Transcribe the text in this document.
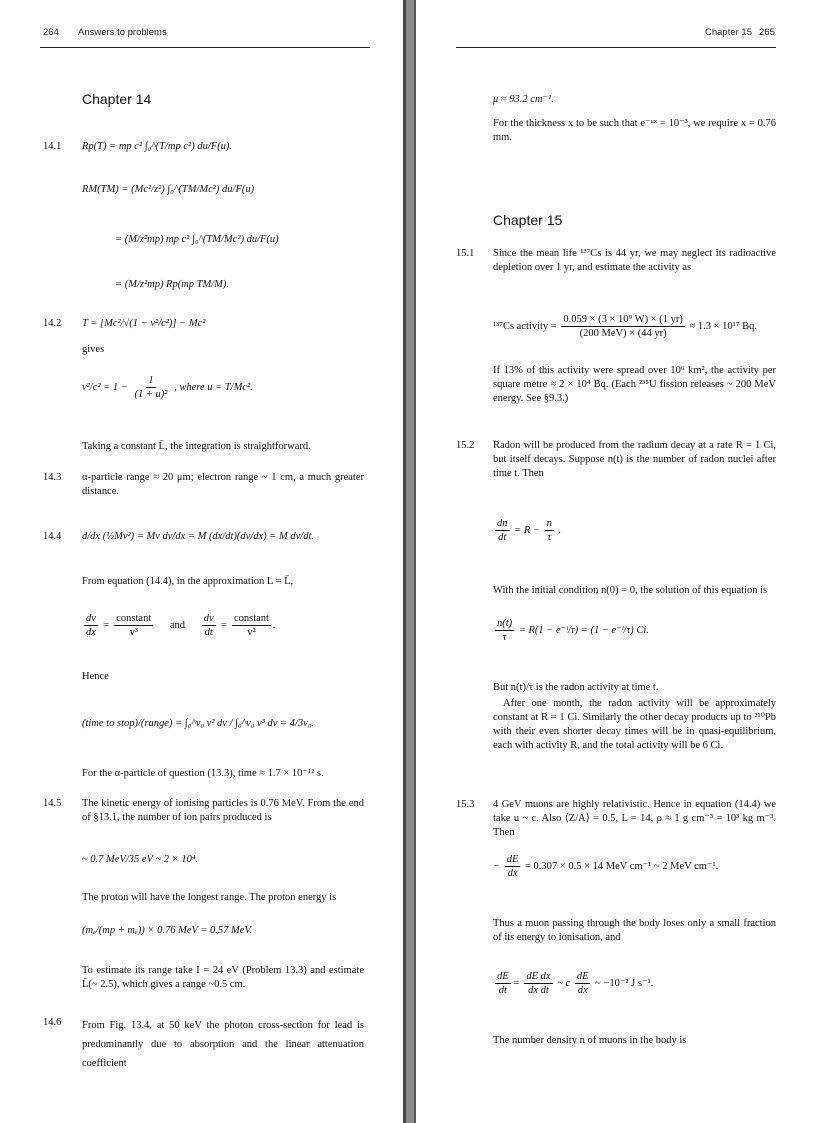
264 Answers to problems
Chapter 14
14.1 Rp(T) = mp c² ∫₀^(T/mp c²) du/F(u).
RM(TM) = (Mc²/z²) ∫₀^(TM/Mc²) du/F(u)
= (M/z²mp) mp c² ∫₀^(TM/Mc²) du/F(u)
= (M/z²mp) Rp(mp TM/M).
14.2 T = [Mc²/√(1 − v²/c²)] − Mc²
gives
$v^2/c^2 = 1 - \frac{1}{\text{(1 + u)²}}$ , where u = T/Mc².
Taking a constant L̄, the integration is straightforward.
14.3 α-particle range ≈ 20 μm; electron range ~ 1 cm, a much greater distance.
14.4 d/dx (½Mv²) = Mv dv/dx = M (dx/dt)(dv/dx) = M dv/dt.
From equation (14.4), in the approximation L = L̄,
$\frac{dv}{dx} = \frac{\text{constant}}{\text{v³}}$ and $\frac{dv}{dt} = \frac{\text{constant}}{\text{v²}}$ .
Hence
(time to stop)/(range) = ∫₀^v₀ v² dv / ∫₀^v₀ v³ dv = 4/3v₀.
For the α-particle of question (13.3), time ≈ 1.7 × 10⁻¹² s.
14.5 The kinetic energy of ionising particles is 0.76 MeV. From the end of §13.1, the number of ion pairs produced is
~ 0.7 MeV/35 eV ~ 2 × 10⁴.
The proton will have the longest range. The proton energy is
(mₑ/(mp + mₑ)) × 0.76 MeV = 0.57 MeV.
To estimate its range take I = 24 eV (Problem 13.3) and estimate L̄(~ 2.5), which gives a range ~0.5 cm.
14.6 From Fig. 13.4, at 50 keV the photon cross-section for lead is predominantly due to absorption and the linear attenuation coefficient
Chapter 15 265
μ ≈ 93.2 cm⁻¹.
For the thickness x to be such that e⁻ᵘˣ = 10⁻³, we require x = 0.76 mm.
Chapter 15
15.1 Since the mean life ¹³⁷Cs is 44 yr, we may neglect its radioactive depletion over 1 yr, and estimate the activity as
¹³⁷Cs activity = $\frac{\text{0.059 × (3 × 10⁹ W) × (1 yr)}}{\text{(200 MeV) × (44 yr)}} \approx 1.3 \times 10^{17}$ Bq.
If 13% of this activity were spread over 10⁶ km², the activity per square metre ≈ 2 × 10⁴ Bq. (Each ²³⁵U fission releases ~ 200 MeV energy. See §9.3.)
15.2 Radon will be produced from the radium decay at a rate R = 1 Ci, but itself decays. Suppose n(t) is the number of radon nuclei after time t. Then
$\frac{dn}{dt} = R - \frac{n}{\tau}$ .
With the initial condition n(0) = 0, the solution of this equation is
$\frac{n(t)}{\tau} = R(1$ − e⁻ᵗ/τ) = (1 − e⁻ᵗ/τ) Ci.
But n(t)/τ is the radon activity at time t.
After one month, the radon activity will be approximately constant at R = 1 Ci. Similarly the other decay products up to ²¹⁰Pb with their even shorter decay times will be in quasi-equilibrium, each with activity R, and the total activity will be 6 Ci.
15.3 4 GeV muons are highly relativistic. Hence in equation (14.4) we take u ~ c. Also ⟨Z/A⟩ = 0.5, L = 14, ρ ≈ 1 g cm⁻³ = 10³ kg m⁻³. Then
− $\frac{dE}{dx} = 0.307 \times 0.5 \times 14$ MeV cm⁻¹ ~ 2 MeV cm⁻¹.
Thus a muon passing through the body loses only a small fraction of its energy to ionisation, and
$\frac{dE}{dt} = \frac{\text{dE dx}}{\text{dx dt}}$ ~ c $\frac{dE}{dx}$ ~ −10⁻² J s⁻¹.
The number density n of muons in the body is
